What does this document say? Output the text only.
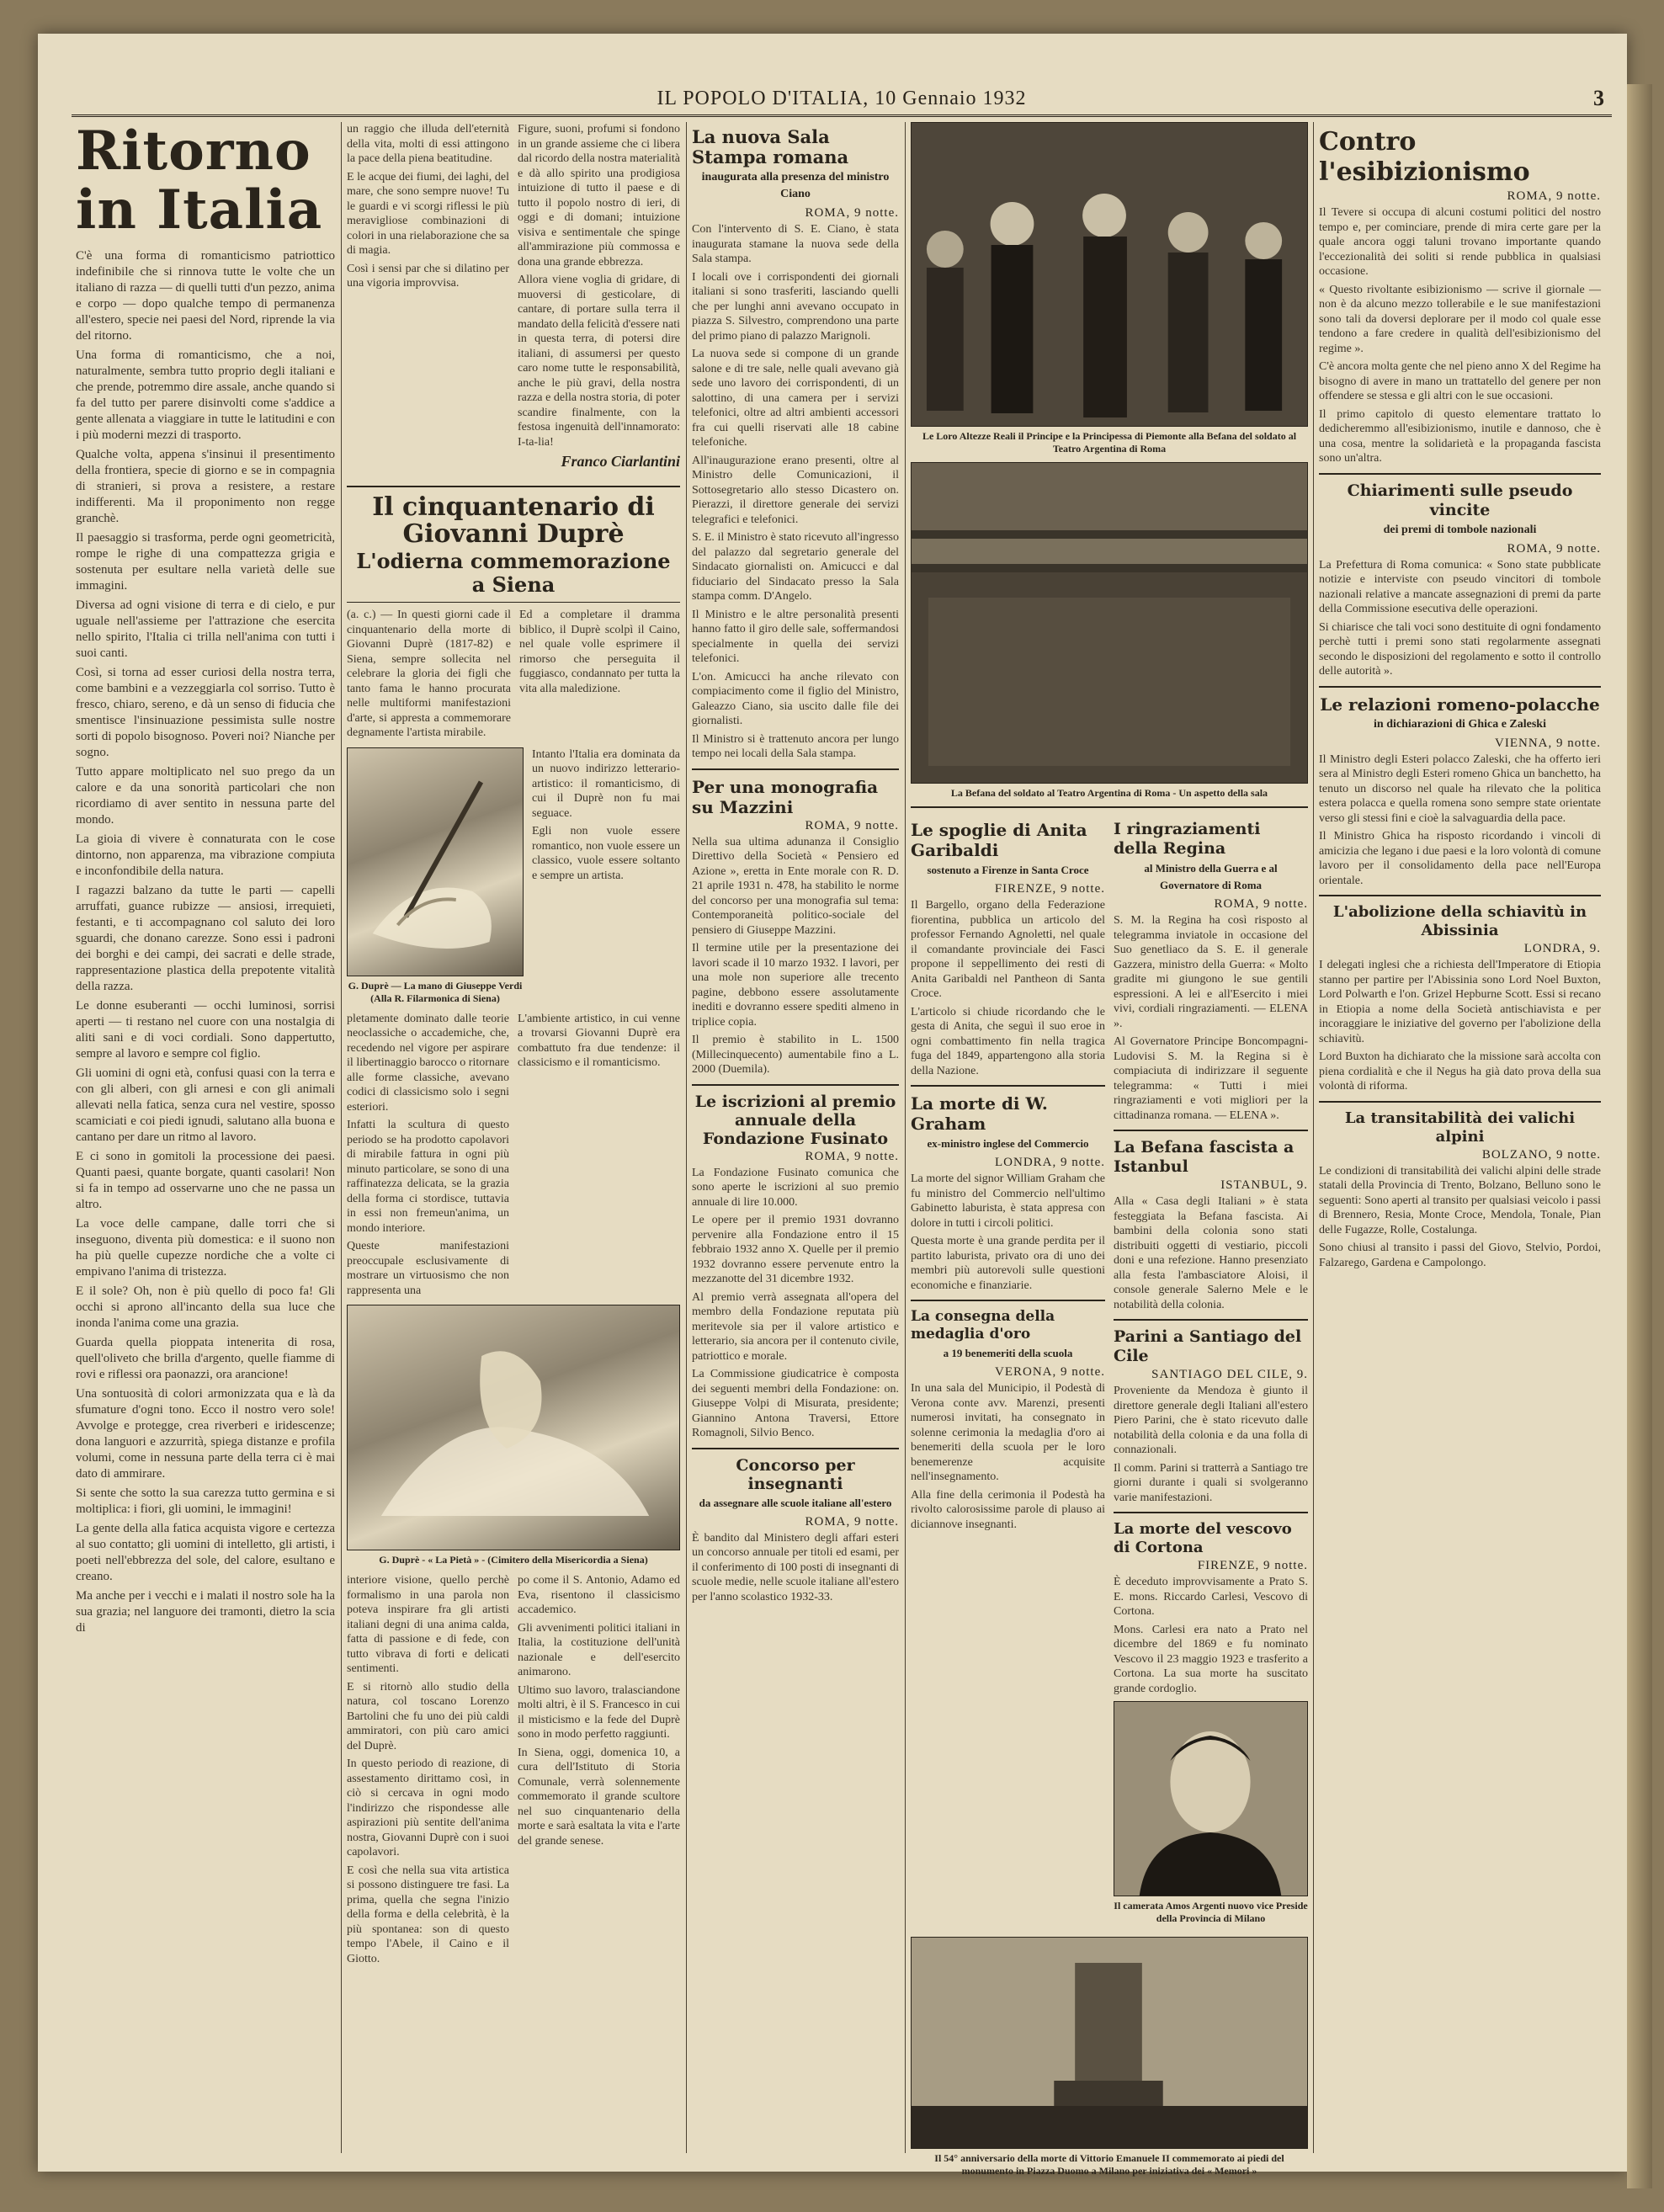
IL POPOLO D'ITALIA, 10 Gennaio 1932	3
Ritorno in Italia

C'è una forma di romanticismo patriottico indefinibile che si rinnova tutte le volte che un italiano di razza — di quelli tutti d'un pezzo, anima e corpo — dopo qualche tempo di permanenza all'estero, specie nei paesi del Nord, riprende la via del ritorno.

Una forma di romanticismo, che a noi, naturalmente, sembra tutto proprio degli italiani e che prende, potremmo dire assale, anche quando si fa del tutto per parere disinvolti come s'addice a gente allenata a viaggiare in tutte le latitudini e con i più moderni mezzi di trasporto.

Qualche volta, appena s'insinui il presentimento della frontiera, specie di giorno e se in compagnia di stranieri, si prova a resistere, a restare indifferenti. Ma il proponimento non regge granchè.

Il paesaggio si trasforma, perde ogni geometricità, rompe le righe di una compattezza grigia e sostenuta per esultare nella varietà delle sue immagini.

Diversa ad ogni visione di terra e di cielo, e pur uguale nell'assieme per l'attrazione che esercita nello spirito, l'Italia ci trilla nell'anima con tutti i suoi canti.

Così, si torna ad esser curiosi della nostra terra, come bambini e a vezzeggiarla col sorriso. Tutto è fresco, chiaro, sereno, e dà un senso di fiducia che smentisce l'insinuazione pessimista sulle nostre sorti di popolo bisognoso. Poveri noi? Nianche per sogno.

Tutto appare moltiplicato nel suo prego da un calore e da una sonorità particolari che non ricordiamo di aver sentito in nessuna parte del mondo.

La gioia di vivere è connaturata con le cose dintorno, non apparenza, ma vibrazione compiuta e inconfondibile della natura.

I ragazzi balzano da tutte le parti — capelli arruffati, guance rubizze — ansiosi, irrequieti, festanti, e ti accompagnano col saluto dei loro sguardi, che donano carezze. Sono essi i padroni dei borghi e dei campi, dei sacrati e delle strade, rappresentazione plastica della prepotente vitalità della razza.

Le donne esuberanti — occhi luminosi, sorrisi aperti — ti restano nel cuore con una nostalgia di aliti sani e di voci cordiali. Sono dappertutto, sempre al lavoro e sempre col figlio.

Gli uomini di ogni età, confusi quasi con la terra e con gli alberi, con gli arnesi e con gli animali allevati nella fatica, senza cura nel vestire, sposso scamiciati e coi piedi ignudi, salutano alla buona e cantano per dare un ritmo al lavoro.

E ci sono in gomitoli la processione dei paesi. Quanti paesi, quante borgate, quanti casolari! Non si fa in tempo ad osservarne uno che ne passa un altro.

La voce delle campane, dalle torri che si inseguono, diventa più domestica: e il suono non ha più quelle cupezze nordiche che a volte ci empivano l'anima di tristezza.

E il sole? Oh, non è più quello di poco fa! Gli occhi si aprono all'incanto della sua luce che inonda l'anima come una grazia.

Guarda quella pioppata intenerita di rosa, quell'oliveto che brilla d'argento, quelle fiamme di rovi e riflessi ora paonazzi, ora arancione!

Una sontuosità di colori armonizzata qua e là da sfumature d'ogni tono. Ecco il nostro vero sole! Avvolge e protegge, crea riverberi e iridescenze; dona languori e azzurrità, spiega distanze e profila volumi, come in nessuna parte della terra ci è mai dato di ammirare.

Si sente che sotto la sua carezza tutto germina e si moltiplica: i fiori, gli uomini, le immagini!

La gente della alla fatica acquista vigore e certezza al suo contatto; gli uomini di intelletto, gli artisti, i poeti nell'ebbrezza del sole, del calore, esultano e creano.

Ma anche per i vecchi e i malati il nostro sole ha la sua grazia; nel languore dei tramonti, dietro la scia di

un raggio che illuda dell'eternità della vita, molti di essi attingono la pace della piena beatitudine.

E le acque dei fiumi, dei laghi, del mare, che sono sempre nuove! Tu le guardi e vi scorgi riflessi le più meravigliose combinazioni di colori in una rielaborazione che sa di magia.

Così i sensi par che si dilatino per una vigoria improvvisa.

Figure, suoni, profumi si fondono in un grande assieme che ci libera dal ricordo della nostra materialità e dà allo spirito una prodigiosa intuizione di tutto il paese e di tutto il popolo nostro di ieri, di oggi e di domani; intuizione visiva e sentimentale che spinge all'ammirazione più commossa e dona una grande ebbrezza.

Allora viene voglia di gridare, di muoversi di gesticolare, di cantare, di portare sulla terra il mandato della felicità d'essere nati in questa terra, di potersi dire italiani, di assumersi per questo caro nome tutte le responsabilità, anche le più gravi, della nostra razza e della nostra storia, di poter scandire finalmente, con la festosa ingenuità dell'innamorato: I-ta-lia!

Franco Ciarlantini
Il cinquantenario di Giovanni Duprè
L'odierna commemorazione a Siena

(a. c.) — In questi giorni cade il cinquantenario della morte di Giovanni Duprè (1817-82) e Siena, sempre sollecita nel celebrare la gloria dei figli che tanto fama le hanno procurata nelle multiformi manifestazioni d'arte, si appresta a commemorare degnamente l'artista mirabile.

Ed a completare il dramma biblico, il Duprè scolpì il Caino, nel quale volle esprimere il rimorso che perseguita il fuggiasco, condannato per tutta la vita alla maledizione.

G. Duprè — La mano di Giuseppe Verdi (Alla R. Filarmonica di Siena)

Intanto l'Italia era dominata da un nuovo indirizzo letterario-artistico: il romanticismo, di cui il Duprè non fu mai seguace.

Egli non vuole essere romantico, non vuole essere un classico, vuole essere soltanto e sempre un artista.

pletamente dominato dalle teorie neoclassiche o accademiche, che, recedendo nel vigore per aspirare il libertinaggio barocco o ritornare alle forme classiche, avevano codici di classicismo solo i segni esteriori.

Infatti la scultura di questo periodo se ha prodotto capolavori di mirabile fattura in ogni più minuto particolare, se sono di una raffinatezza delicata, se la grazia della forma ci stordisce, tuttavia in essi non fremeun'anima, un mondo interiore.

Queste manifestazioni preoccupale esclusivamente di mostrare un virtuosismo che non rappresenta una

L'ambiente artistico, in cui venne a trovarsi Giovanni Duprè era combattuto fra due tendenze: il classicismo e il romanticismo.

G. Duprè - « La Pietà » - (Cimitero della Misericordia a Siena)

interiore visione, quello perchè formalismo in una parola non poteva inspirare fra gli artisti italiani degni di una anima calda, fatta di passione e di fede, con tutto vibrava di forti e delicati sentimenti.

E si ritornò allo studio della natura, col toscano Lorenzo Bartolini che fu uno dei più caldi ammiratori, con più caro amici del Duprè.

In questo periodo di reazione, di assestamento dirittamo così, in ciò si cercava in ogni modo l'indirizzo che rispondesse alle aspirazioni più sentite dell'anima nostra, Giovanni Duprè con i suoi capolavori.

E così che nella sua vita artistica si possono distinguere tre fasi. La prima, quella che segna l'inizio della forma e della celebrità, è la più spontanea: son di questo tempo l'Abele, il Caino e il Giotto.

po come il S. Antonio, Adamo ed Eva, risentono il classicismo accademico.

Gli avvenimenti politici italiani in Italia, la costituzione dell'unità nazionale e dell'esercito animarono.

Ultimo suo lavoro, tralasciandone molti altri, è il S. Francesco in cui il misticismo e la fede del Duprè sono in modo perfetto raggiunti.

In Siena, oggi, domenica 10, a cura dell'Istituto di Storia Comunale, verrà solennemente commemorato il grande scultore nel suo cinquantenario della morte e sarà esaltata la vita e l'arte del grande senese.

La nuova Sala Stampa romana
inaugurata alla presenza del ministro Ciano
ROMA, 9 notte.

Con l'intervento di S. E. Ciano, è stata inaugurata stamane la nuova sede della Sala stampa.

I locali ove i corrispondenti dei giornali italiani si sono trasferiti, lasciando quelli che per lunghi anni avevano occupato in piazza S. Silvestro, comprendono una parte del primo piano di palazzo Marignoli.

La nuova sede si compone di un grande salone e di tre sale, nelle quali avevano già sede uno lavoro dei corrispondenti, di un salottino, di una camera per i servizi telefonici, oltre ad altri ambienti accessori fra cui quelli riservati alle 18 cabine telefoniche.

All'inaugurazione erano presenti, oltre al Ministro delle Comunicazioni, il Sottosegretario allo stesso Dicastero on. Pierazzi, il direttore generale dei servizi telegrafici e telefonici.

S. E. il Ministro è stato ricevuto all'ingresso del palazzo dal segretario generale del Sindacato giornalisti on. Amicucci e dal fiduciario del Sindacato presso la Sala stampa comm. D'Angelo.

Il Ministro e le altre personalità presenti hanno fatto il giro delle sale, soffermandosi specialmente in quella dei servizi telefonici.

L'on. Amicucci ha anche rilevato con compiacimento come il figlio del Ministro, Galeazzo Ciano, sia uscito dalle file dei giornalisti.

Il Ministro si è trattenuto ancora per lungo tempo nei locali della Sala stampa.

Per una monografia su Mazzini
ROMA, 9 notte.

Nella sua ultima adunanza il Consiglio Direttivo della Società « Pensiero ed Azione », eretta in Ente morale con R. D. 21 aprile 1931 n. 478, ha stabilito le norme del concorso per una monografia sul tema: Contemporaneità politico-sociale del pensiero di Giuseppe Mazzini.

Il termine utile per la presentazione dei lavori scade il 10 marzo 1932. I lavori, per una mole non superiore alle trecento pagine, debbono essere assolutamente inediti e dovranno essere spediti almeno in triplice copia.

Il premio è stabilito in L. 1500 (Millecinquecento) aumentabile fino a L. 2000 (Duemila).

Le iscrizioni al premio annuale della Fondazione Fusinato
ROMA, 9 notte.

La Fondazione Fusinato comunica che sono aperte le iscrizioni al suo premio annuale di lire 10.000.

Le opere per il premio 1931 dovranno pervenire alla Fondazione entro il 15 febbraio 1932 anno X. Quelle per il premio 1932 dovranno essere pervenute entro la mezzanotte del 31 dicembre 1932.

Al premio verrà assegnata all'opera del membro della Fondazione reputata più meritevole sia per il valore artistico e letterario, sia ancora per il contenuto civile, patriottico e morale.

La Commissione giudicatrice è composta dei seguenti membri della Fondazione: on. Giuseppe Volpi di Misurata, presidente; Giannino Antona Traversi, Ettore Romagnoli, Silvio Benco.

Concorso per insegnanti
da assegnare alle scuole italiane all'estero
ROMA, 9 notte.

È bandito dal Ministero degli affari esteri un concorso annuale per titoli ed esami, per il conferimento di 100 posti di insegnanti di scuole medie, nelle scuole italiane all'estero per l'anno scolastico 1932-33.

Le Loro Altezze Reali il Principe e la Principessa di Piemonte alla Befana del soldato al Teatro Argentina di Roma
La Befana del soldato al Teatro Argentina di Roma - Un aspetto della sala
Le spoglie di Anita Garibaldi
sostenuto a Firenze in Santa Croce
FIRENZE, 9 notte.

Il Bargello, organo della Federazione fiorentina, pubblica un articolo del professor Fernando Agnoletti, nel quale il comandante provinciale dei Fasci propone il seppellimento dei resti di Anita Garibaldi nel Pantheon di Santa Croce.

L'articolo si chiude ricordando che le gesta di Anita, che seguì il suo eroe in ogni combattimento fin nella tragica fuga del 1849, appartengono alla storia della Nazione.

La morte di W. Graham
ex-ministro inglese del Commercio
LONDRA, 9 notte.

La morte del signor William Graham che fu ministro del Commercio nell'ultimo Gabinetto laburista, è stata appresa con dolore in tutti i circoli politici.

Questa morte è una grande perdita per il partito laburista, privato ora di uno dei membri più autorevoli sulle questioni economiche e finanziarie.

La consegna della medaglia d'oro
a 19 benemeriti della scuola
VERONA, 9 notte.

In una sala del Municipio, il Podestà di Verona conte avv. Marenzi, presenti numerosi invitati, ha consegnato in solenne cerimonia la medaglia d'oro ai benemeriti della scuola per le loro benemerenze acquisite nell'insegnamento.

Alla fine della cerimonia il Podestà ha rivolto calorosissime parole di plauso ai diciannove insegnanti.

I ringraziamenti della Regina
al Ministro della Guerra e al Governatore di Roma
ROMA, 9 notte.

S. M. la Regina ha così risposto al telegramma inviatole in occasione del Suo genetliaco da S. E. il generale Gazzera, ministro della Guerra: « Molto gradite mi giungono le sue gentili espressioni. A lei e all'Esercito i miei vivi, cordiali ringraziamenti. — ELENA ».

Al Governatore Principe Boncompagni-Ludovisi S. M. la Regina si è compiaciuta di indirizzare il seguente telegramma: « Tutti i miei ringraziamenti e voti migliori per la cittadinanza romana. — ELENA ».

La Befana fascista a Istanbul
ISTANBUL, 9.

Alla « Casa degli Italiani » è stata festeggiata la Befana fascista. Ai bambini della colonia sono stati distribuiti oggetti di vestiario, piccoli doni e una refezione. Hanno presenziato alla festa l'ambasciatore Aloisi, il console generale Salerno Mele e le notabilità della colonia.

Parini a Santiago del Cile
SANTIAGO DEL CILE, 9.

Proveniente da Mendoza è giunto il direttore generale degli Italiani all'estero Piero Parini, che è stato ricevuto dalle notabilità della colonia e da una folla di connazionali.

Il comm. Parini si tratterrà a Santiago tre giorni durante i quali si svolgeranno varie manifestazioni.

La morte del vescovo di Cortona
FIRENZE, 9 notte.

È deceduto improvvisamente a Prato S. E. mons. Riccardo Carlesi, Vescovo di Cortona.

Mons. Carlesi era nato a Prato nel dicembre del 1869 e fu nominato Vescovo il 23 maggio 1923 e trasferito a Cortona. La sua morte ha suscitato grande cordoglio.

Il camerata Amos Argenti nuovo vice Preside della Provincia di Milano
Il 54° anniversario della morte di Vittorio Emanuele II commemorato ai piedi del monumento in Piazza Duomo a Milano per iniziativa dei « Memori »
Contro l'esibizionismo
ROMA, 9 notte.

Il Tevere si occupa di alcuni costumi politici del nostro tempo e, per cominciare, prende di mira certe gare per la quale ancora oggi taluni trovano importante quando l'eccezionalità dei soliti si rende pubblica in qualsiasi occasione.

« Questo rivoltante esibizionismo — scrive il giornale — non è da alcuno mezzo tollerabile e le sue manifestazioni sono tali da doversi deplorare per il modo col quale esse tendono a fare credere in qualità dell'esibizionismo del regime ».

C'è ancora molta gente che nel pieno anno X del Regime ha bisogno di avere in mano un trattatello del genere per non offendere se stessa e gli altri con le sue occasioni.

Il primo capitolo di questo elementare trattato lo dedicheremmo all'esibizionismo, inutile e dannoso, che è una cosa, mentre la solidarietà e la propaganda fascista sono un'altra.

Chiarimenti sulle pseudo vincite
dei premi di tombole nazionali
ROMA, 9 notte.

La Prefettura di Roma comunica: « Sono state pubblicate notizie e interviste con pseudo vincitori di tombole nazionali relative a mancate assegnazioni di premi da parte della Commissione esecutiva delle operazioni.

Si chiarisce che tali voci sono destituite di ogni fondamento perchè tutti i premi sono stati regolarmente assegnati secondo le disposizioni del regolamento e sotto il controllo delle autorità ».

Le relazioni romeno-polacche
in dichiarazioni di Ghica e Zaleski
VIENNA, 9 notte.

Il Ministro degli Esteri polacco Zaleski, che ha offerto ieri sera al Ministro degli Esteri romeno Ghica un banchetto, ha tenuto un discorso nel quale ha rilevato che la politica estera polacca e quella romena sono sempre state orientate verso gli stessi fini e cioè la salvaguardia della pace.

Il Ministro Ghica ha risposto ricordando i vincoli di amicizia che legano i due paesi e la loro volontà di comune lavoro per il consolidamento della pace nell'Europa orientale.

L'abolizione della schiavitù in Abissinia
LONDRA, 9.

I delegati inglesi che a richiesta dell'Imperatore di Etiopia stanno per partire per l'Abissinia sono Lord Noel Buxton, Lord Polwarth e l'on. Grizel Hepburne Scott. Essi si recano in Etiopia a nome della Società antischiavista e per incoraggiare le iniziative del governo per l'abolizione della schiavitù.

Lord Buxton ha dichiarato che la missione sarà accolta con piena cordialità e che il Negus ha già dato prova della sua volontà di riforma.

La transitabilità dei valichi alpini
BOLZANO, 9 notte.

Le condizioni di transitabilità dei valichi alpini delle strade statali della Provincia di Trento, Bolzano, Belluno sono le seguenti: Sono aperti al transito per qualsiasi veicolo i passi di Brennero, Resia, Monte Croce, Mendola, Tonale, Pian delle Fugazze, Rolle, Costalunga.

Sono chiusi al transito i passi del Giovo, Stelvio, Pordoi, Falzarego, Gardena e Campolongo.
